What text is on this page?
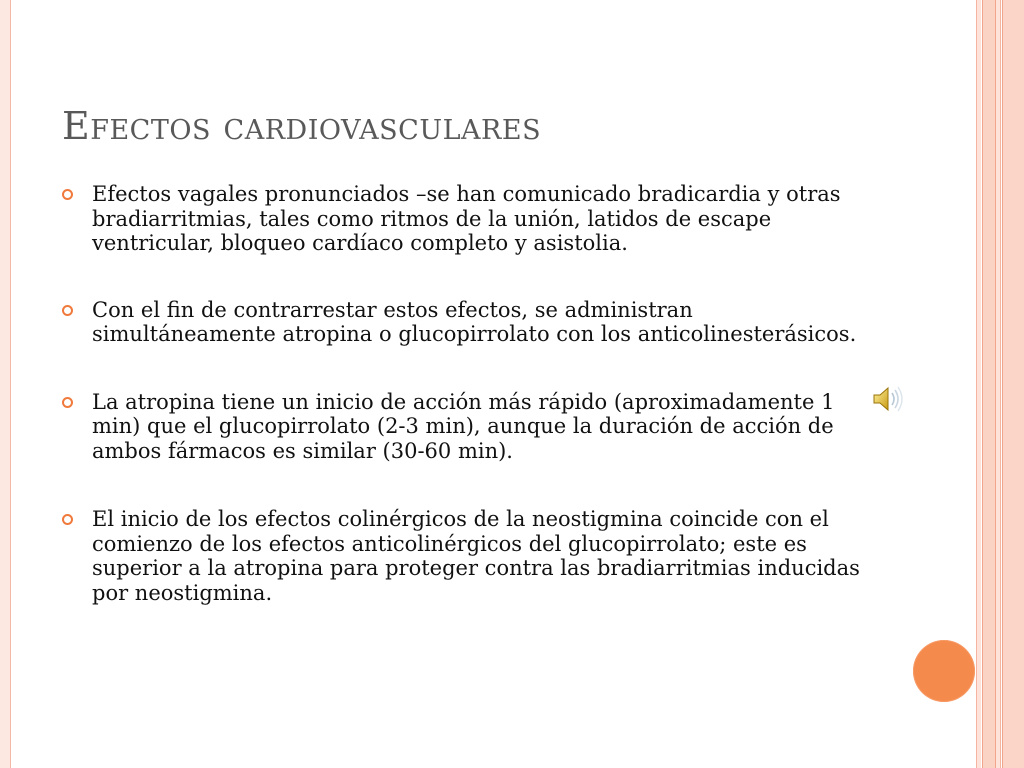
Efectos cardiovasculares
Efectos vagales pronunciados –se han comunicado bradicardia y otras bradiarritmias, tales como ritmos de la unión, latidos de escape ventricular, bloqueo cardíaco completo y asistolia.
Con el fin de contrarrestar estos efectos, se administran simultáneamente atropina o glucopirrolato con los anticolinesterásicos.
La atropina tiene un inicio de acción más rápido (aproximadamente 1 min) que el glucopirrolato (2-3 min), aunque la duración de acción de ambos fármacos es similar (30-60 min).
El inicio de los efectos colinérgicos de la neostigmina coincide con el comienzo de los efectos anticolinérgicos del glucopirrolato; este es superior a la atropina para proteger contra las bradiarritmias inducidas por neostigmina.
